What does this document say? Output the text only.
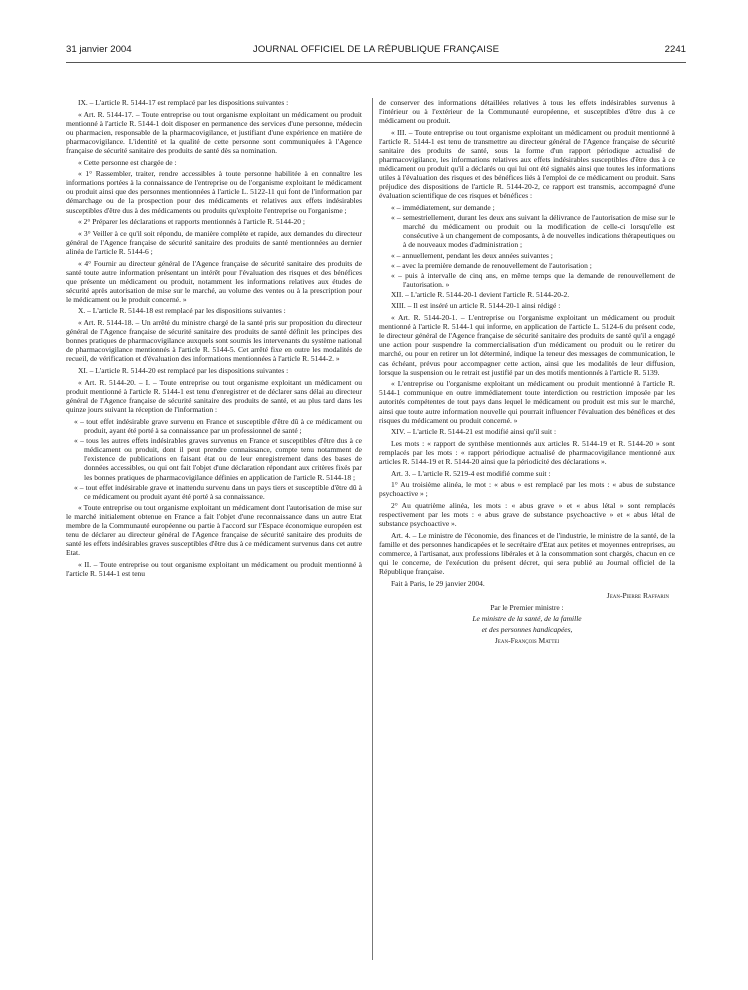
31 janvier 2004	JOURNAL OFFICIEL DE LA RÉPUBLIQUE FRANÇAISE	2241

IX. – L'article R. 5144-17 est remplacé par les dispositions suivantes :

« Art. R. 5144-17. – Toute entreprise ou tout organisme exploitant un médicament ou produit mentionné à l'article R. 5144-1 doit disposer en permanence des services d'une personne, médecin ou pharmacien, responsable de la pharmacovigilance, et justifiant d'une expérience en matière de pharmacovigilance. L'identité et la qualité de cette personne sont communiquées à l'Agence française de sécurité sanitaire des produits de santé dès sa nomination.

« Cette personne est chargée de :

« 1° Rassembler, traiter, rendre accessibles à toute personne habilitée à en connaître les informations portées à la connaissance de l'entreprise ou de l'organisme exploitant le médicament ou produit ainsi que des personnes mentionnées à l'article L. 5122-11 qui font de l'information par démarchage ou de la prospection pour des médicaments et relatives aux effets indésirables susceptibles d'être dus à des médicaments ou produits qu'exploite l'entreprise ou l'organisme ;

« 2° Préparer les déclarations et rapports mentionnés à l'article R. 5144-20 ;

« 3° Veiller à ce qu'il soit répondu, de manière complète et rapide, aux demandes du directeur général de l'Agence française de sécurité sanitaire des produits de santé mentionnées au dernier alinéa de l'article R. 5144-6 ;

« 4° Fournir au directeur général de l'Agence française de sécurité sanitaire des produits de santé toute autre information présentant un intérêt pour l'évaluation des risques et des bénéfices que présente un médicament ou produit, notamment les informations relatives aux études de sécurité après autorisation de mise sur le marché, au volume des ventes ou à la prescription pour le médicament ou le produit concerné. »

X. – L'article R. 5144-18 est remplacé par les dispositions suivantes :

« Art. R. 5144-18. – Un arrêté du ministre chargé de la santé pris sur proposition du directeur général de l'Agence française de sécurité sanitaire des produits de santé définit les principes des bonnes pratiques de pharmacovigilance auxquels sont soumis les intervenants du système national de pharmacovigilance mentionnés à l'article R. 5144-5. Cet arrêté fixe en outre les modalités de recueil, de vérification et d'évaluation des informations mentionnées à l'article R. 5144-2. »

XI. – L'article R. 5144-20 est remplacé par les dispositions suivantes :

« Art. R. 5144-20. – I. – Toute entreprise ou tout organisme exploitant un médicament ou produit mentionné à l'article R. 5144-1 est tenu d'enregistrer et de déclarer sans délai au directeur général de l'Agence française de sécurité sanitaire des produits de santé, et au plus tard dans les quinze jours suivant la réception de l'information :

« – tout effet indésirable grave survenu en France et susceptible d'être dû à ce médicament ou produit, ayant été porté à sa connaissance par un professionnel de santé ;
« – tous les autres effets indésirables graves survenus en France et susceptibles d'être dus à ce médicament ou produit, dont il peut prendre connaissance, compte tenu notamment de l'existence de publications en faisant état ou de leur enregistrement dans des bases de données accessibles, ou qui ont fait l'objet d'une déclaration répondant aux critères fixés par les bonnes pratiques de pharmacovigilance définies en application de l'article R. 5144-18 ;
« – tout effet indésirable grave et inattendu survenu dans un pays tiers et susceptible d'être dû à ce médicament ou produit ayant été porté à sa connaissance.

« Toute entreprise ou tout organisme exploitant un médicament dont l'autorisation de mise sur le marché initialement obtenue en France a fait l'objet d'une reconnaissance dans un autre Etat membre de la Communauté européenne ou partie à l'accord sur l'Espace économique européen est tenu de déclarer au directeur général de l'Agence française de sécurité sanitaire des produits de santé les effets indésirables graves susceptibles d'être dus à ce médicament survenus dans cet autre Etat.

« II. – Toute entreprise ou tout organisme exploitant un médicament ou produit mentionné à l'article R. 5144-1 est tenu

de conserver des informations détaillées relatives à tous les effets indésirables survenus à l'intérieur ou à l'extérieur de la Communauté européenne, et susceptibles d'être dus à ce médicament ou produit.

« III. – Toute entreprise ou tout organisme exploitant un médicament ou produit mentionné à l'article R. 5144-1 est tenu de transmettre au directeur général de l'Agence française de sécurité sanitaire des produits de santé, sous la forme d'un rapport périodique actualisé de pharmacovigilance, les informations relatives aux effets indésirables susceptibles d'être dus à ce médicament ou produit qu'il a déclarés ou qui lui ont été signalés ainsi que toutes les informations utiles à l'évaluation des risques et des bénéfices liés à l'emploi de ce médicament ou produit. Sans préjudice des dispositions de l'article R. 5144-20-2, ce rapport est transmis, accompagné d'une évaluation scientifique de ces risques et bénéfices :

« – immédiatement, sur demande ;
« – semestriellement, durant les deux ans suivant la délivrance de l'autorisation de mise sur le marché du médicament ou produit ou la modification de celle-ci lorsqu'elle est consécutive à un changement de composants, à de nouvelles indications thérapeutiques ou à de nouveaux modes d'administration ;
« – annuellement, pendant les deux années suivantes ;
« – avec la première demande de renouvellement de l'autorisation ;
« – puis à intervalle de cinq ans, en même temps que la demande de renouvellement de l'autorisation. »

XII. – L'article R. 5144-20-1 devient l'article R. 5144-20-2.

XIII. – Il est inséré un article R. 5144-20-1 ainsi rédigé :

« Art. R. 5144-20-1. – L'entreprise ou l'organisme exploitant un médicament ou produit mentionné à l'article R. 5144-1 qui informe, en application de l'article L. 5124-6 du présent code, le directeur général de l'Agence française de sécurité sanitaire des produits de santé qu'il a engagé une action pour suspendre la commercialisation d'un médicament ou produit ou le retirer du marché, ou pour en retirer un lot déterminé, indique la teneur des messages de communication, le cas échéant, prévus pour accompagner cette action, ainsi que les modalités de leur diffusion, lorsque la suspension ou le retrait est justifié par un des motifs mentionnés à l'article R. 5139.

« L'entreprise ou l'organisme exploitant un médicament ou produit mentionné à l'article R. 5144-1 communique en outre immédiatement toute interdiction ou restriction imposée par les autorités compétentes de tout pays dans lequel le médicament ou produit est mis sur le marché, ainsi que toute autre information nouvelle qui pourrait influencer l'évaluation des bénéfices et des risques du médicament ou produit concerné. »

XIV. – L'article R. 5144-21 est modifié ainsi qu'il suit :

Les mots : « rapport de synthèse mentionnés aux articles R. 5144-19 et R. 5144-20 » sont remplacés par les mots : « rapport périodique actualisé de pharmacovigilance mentionné aux articles R. 5144-19 et R. 5144-20 ainsi que la périodicité des déclarations ».

Art. 3. – L'article R. 5219-4 est modifié comme suit :

1° Au troisième alinéa, le mot : « abus » est remplacé par les mots : « abus de substance psychoactive » ;

2° Au quatrième alinéa, les mots : « abus grave » et « abus létal » sont remplacés respectivement par les mots : « abus grave de substance psychoactive » et « abus létal de substance psychoactive ».

Art. 4. – Le ministre de l'économie, des finances et de l'industrie, le ministre de la santé, de la famille et des personnes handicapées et le secrétaire d'Etat aux petites et moyennes entreprises, au commerce, à l'artisanat, aux professions libérales et à la consommation sont chargés, chacun en ce qui le concerne, de l'exécution du présent décret, qui sera publié au Journal officiel de la République française.

Fait à Paris, le 29 janvier 2004.

Jean-Pierre Raffarin
Par le Premier ministre :
Le ministre de la santé, de la famille
et des personnes handicapées,
Jean-François Mattei
